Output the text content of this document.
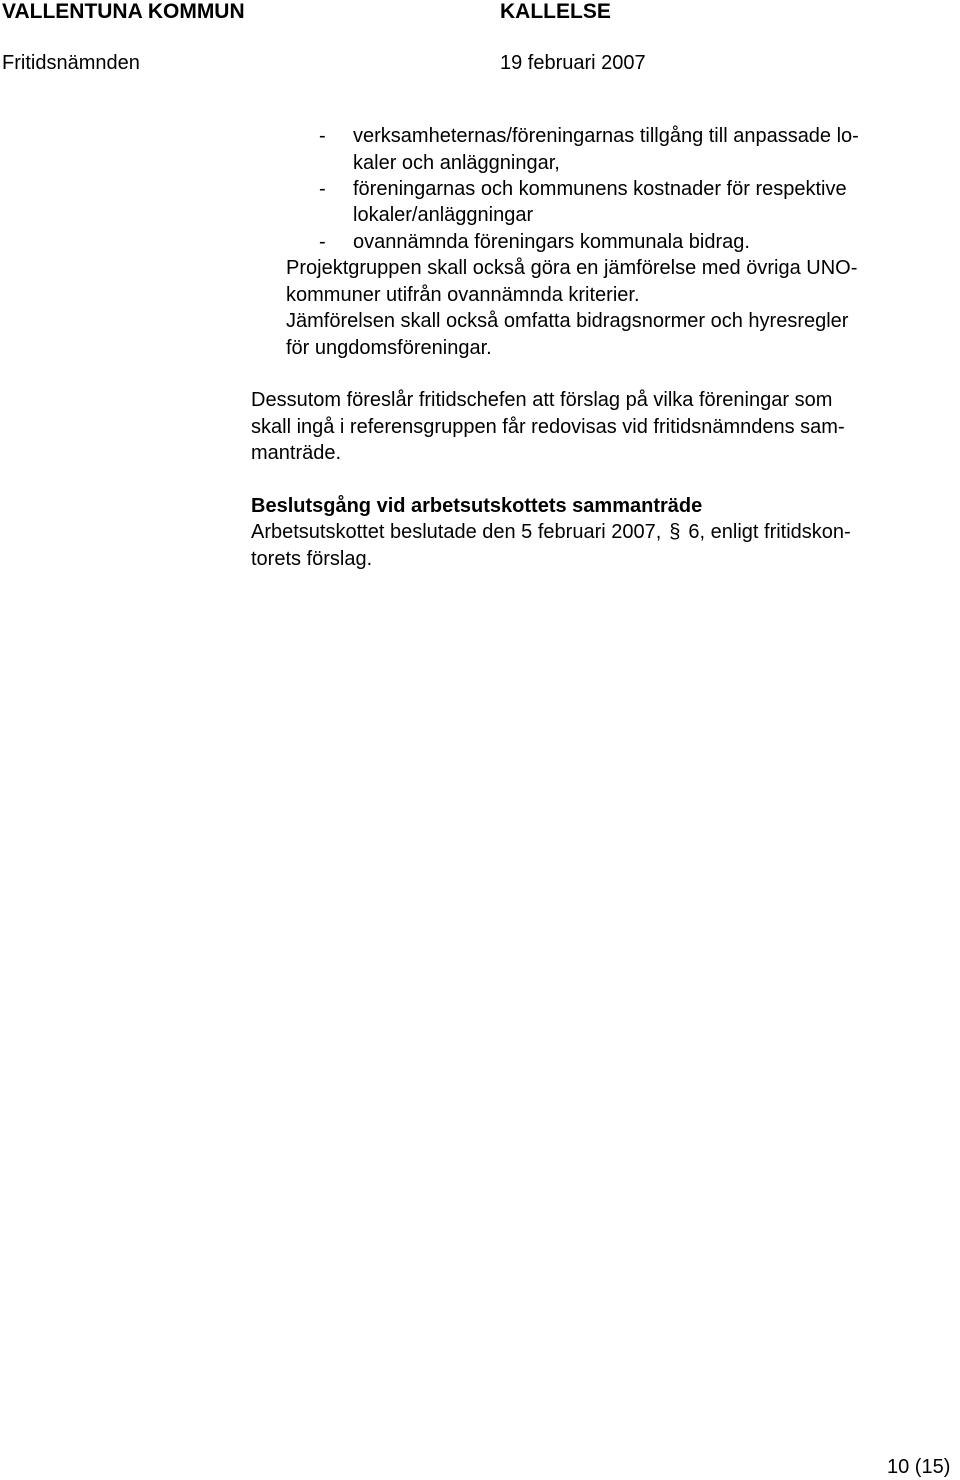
VALLENTUNA KOMMUN	KALLELSE
Fritidsnämnden	19 februari 2007
- verksamheternas/föreningarnas tillgång till anpassade lo-
kaler och anläggningar,
- föreningarnas och kommunens kostnader för respektive
lokaler/anläggningar
- ovannämnda föreningars kommunala bidrag.
Projektgruppen skall också göra en jämförelse med övriga UNO-
kommuner utifrån ovannämnda kriterier.
Jämförelsen skall också omfatta bidragsnormer och hyresregler
för ungdomsföreningar.
Dessutom föreslår fritidschefen att förslag på vilka föreningar som
skall ingå i referensgruppen får redovisas vid fritidsnämndens sam-
manträde.
Beslutsgång vid arbetsutskottets sammanträde
Arbetsutskottet beslutade den 5 februari 2007, § 6, enligt fritidskon-
torets förslag.
10 (15)
